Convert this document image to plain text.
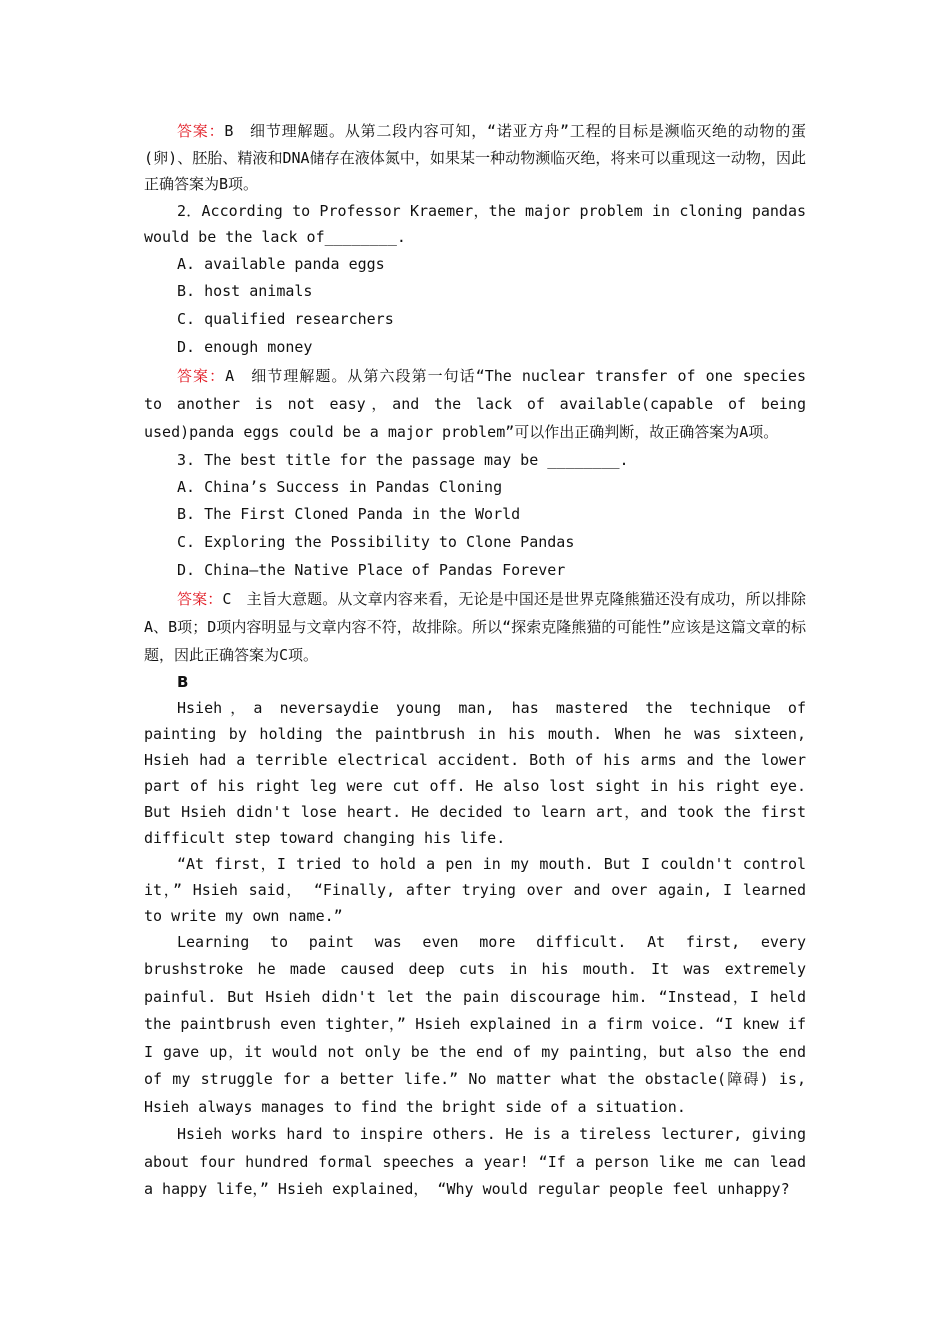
答案：B　细节理解题。从第二段内容可知，“诺亚方舟”工程的目标是濒临灭绝的动物的蛋(卵)、胚胎、精液和DNA储存在液体氮中，如果某一种动物濒临灭绝，将来可以重现这一动物，因此正确答案为B项。

2．According to Professor Kraemer，the major problem in cloning pandas would be the lack of________.

A. available panda eggs

B. host animals

C. qualified researchers

D. enough money

答案：A　细节理解题。从第六段第一句话“The nuclear transfer of one species to another is not easy，and the lack of available(capable of being used)panda eggs could be a major problem”可以作出正确判断，故正确答案为A项。

3. The best title for the passage may be ________.

A. China’s Success in Pandas Cloning

B. The First Cloned Panda in the World

C. Exploring the Possibility to Clone Pandas

D. China—the Native Place of Pandas Forever

答案：C　主旨大意题。从文章内容来看，无论是中国还是世界克隆熊猫还没有成功，所以排除A、B项；D项内容明显与文章内容不符，故排除。所以“探索克隆熊猫的可能性”应该是这篇文章的标题，因此正确答案为C项。

B

Hsieh，a neversaydie young man, has mastered the technique of painting by holding the paintbrush in his mouth. When he was sixteen, Hsieh had a terrible electrical accident. Both of his arms and the lower part of his right leg were cut off. He also lost sight in his right eye. But Hsieh didn't lose heart. He decided to learn art，and took the first difficult step toward changing his life.

“At first，I tried to hold a pen in my mouth. But I couldn't control it，” Hsieh said， “Finally, after trying over and over again, I learned to write my own name.”

Learning to paint was even more difficult. At first, every brushstroke he made caused deep cuts in his mouth. It was extremely painful. But Hsieh didn't let the pain discourage him. “Instead，I held the paintbrush even tighter，” Hsieh explained in a firm voice. “I knew if I gave up，it would not only be the end of my painting，but also the end of my struggle for a better life.” No matter what the obstacle(障碍) is, Hsieh always manages to find the bright side of a situation.

Hsieh works hard to inspire others. He is a tireless lecturer, giving about four hundred formal speeches a year! “If a person like me can lead a happy life，” Hsieh explained， “Why would regular people feel unhappy?
